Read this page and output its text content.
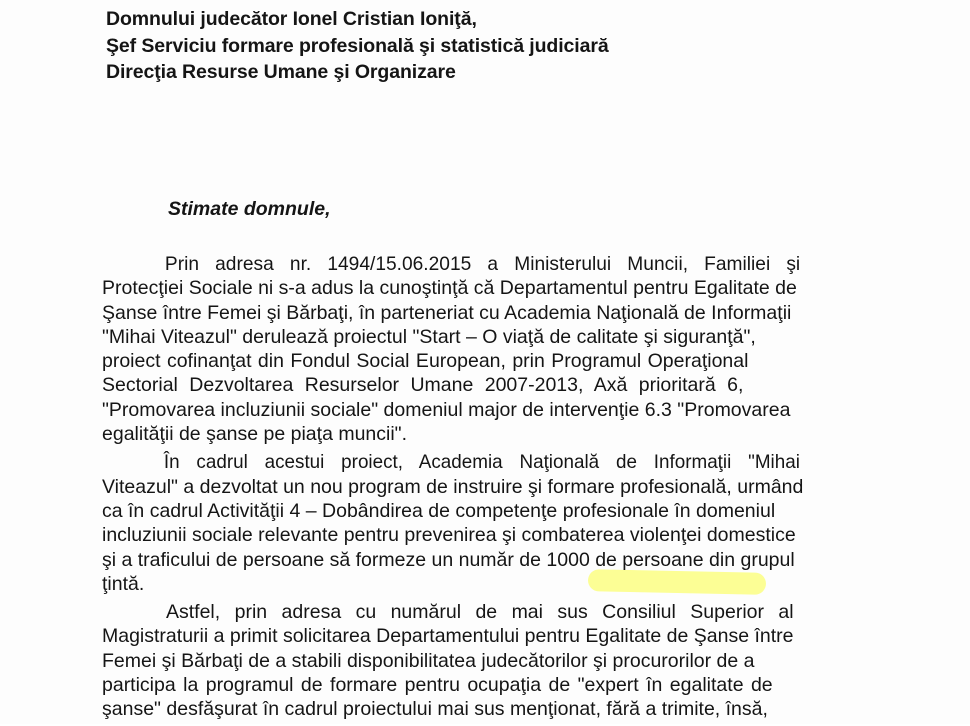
Domnului judecător Ionel Cristian Ioniţă,
Şef Serviciu formare profesională şi statistică judiciară
Direcţia Resurse Umane şi Organizare
Stimate domnule,
Prin adresa nr. 1494/15.06.2015 a Ministerului Muncii, Familiei şi
Protecţiei Sociale ni s-a adus la cunoştinţă că Departamentul pentru Egalitate de
Şanse între Femei şi Bărbaţi, în parteneriat cu Academia Naţională de Informaţii
"Mihai Viteazul" derulează proiectul "Start – O viaţă de calitate şi siguranţă",
proiect cofinanţat din Fondul Social European, prin Programul Operaţional
Sectorial Dezvoltarea Resurselor Umane 2007-2013, Axă prioritară 6,
"Promovarea incluziunii sociale" domeniul major de intervenţie 6.3 "Promovarea
egalităţii de şanse pe piaţa muncii".
În cadrul acestui proiect, Academia Naţională de Informaţii "Mihai
Viteazul" a dezvoltat un nou program de instruire şi formare profesională, urmând
ca în cadrul Activităţii 4 – Dobândirea de competenţe profesionale în domeniul
incluziunii sociale relevante pentru prevenirea şi combaterea violenţei domestice
şi a traficului de persoane să formeze un număr de 1000 de persoane din grupul
ţintă.
Astfel, prin adresa cu numărul de mai sus Consiliul Superior al
Magistraturii a primit solicitarea Departamentului pentru Egalitate de Şanse între
Femei şi Bărbaţi de a stabili disponibilitatea judecătorilor şi procurorilor de a
participa la programul de formare pentru ocupaţia de "expert în egalitate de
şanse" desfăşurat în cadrul proiectului mai sus menţionat, fără a trimite, însă,
